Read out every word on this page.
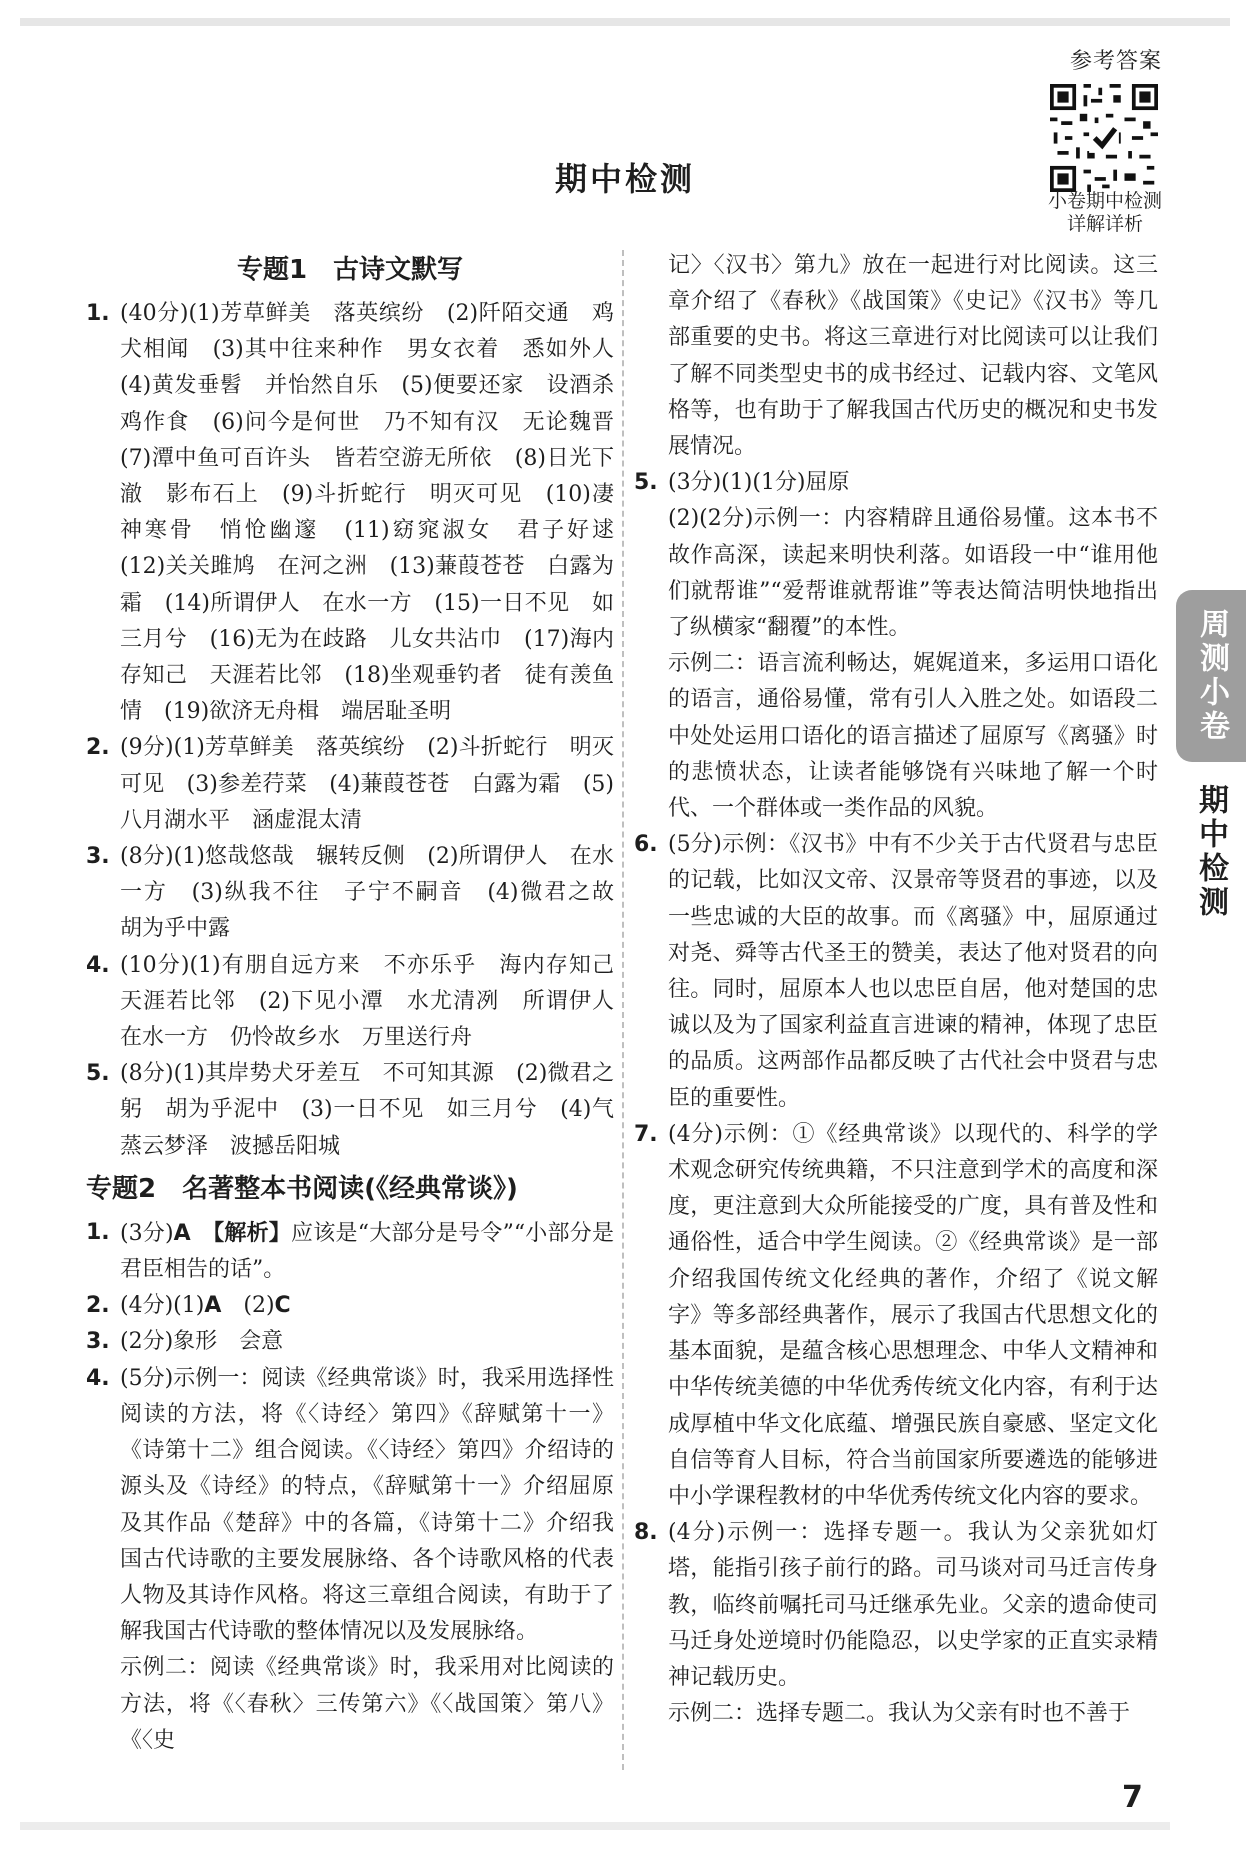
参考答案
小卷期中检测
详解详析
期中检测
专题1　古诗文默写
1. (40分)(1)芳草鲜美　落英缤纷　(2)阡陌交通　鸡犬相闻　(3)其中往来种作　男女衣着　悉如外人　(4)黄发垂髫　并怡然自乐　(5)便要还家　设酒杀鸡作食　(6)问今是何世　乃不知有汉　无论魏晋　(7)潭中鱼可百许头　皆若空游无所依　(8)日光下澈　影布石上　(9)斗折蛇行　明灭可见　(10)凄神寒骨　悄怆幽邃　(11)窈窕淑女　君子好逑　(12)关关雎鸠　在河之洲　(13)蒹葭苍苍　白露为霜　(14)所谓伊人　在水一方　(15)一日不见　如三月兮　(16)无为在歧路　儿女共沾巾　(17)海内存知己　天涯若比邻　(18)坐观垂钓者　徒有羡鱼情　(19)欲济无舟楫　端居耻圣明
2. (9分)(1)芳草鲜美　落英缤纷　(2)斗折蛇行　明灭可见　(3)参差荇菜　(4)蒹葭苍苍　白露为霜　(5)八月湖水平　涵虚混太清
3. (8分)(1)悠哉悠哉　辗转反侧　(2)所谓伊人　在水一方　(3)纵我不往　子宁不嗣音　(4)微君之故　胡为乎中露
4. (10分)(1)有朋自远方来　不亦乐乎　海内存知己　天涯若比邻　(2)下见小潭　水尤清冽　所谓伊人　在水一方　仍怜故乡水　万里送行舟
5. (8分)(1)其岸势犬牙差互　不可知其源　(2)微君之躬　胡为乎泥中　(3)一日不见　如三月兮　(4)气蒸云梦泽　波撼岳阳城
专题2　名著整本书阅读(《经典常谈》)
1. (3分)A　 【解析】应该是“大部分是号令”“小部分是君臣相告的话”。
2. (4分)(1)A　(2)C
3. (2分)象形　会意
4. (5分)示例一：阅读《经典常谈》时，我采用选择性阅读的方法，将《〈诗经〉第四》《辞赋第十一》《诗第十二》组合阅读。《〈诗经〉第四》介绍诗的源头及《诗经》的特点，《辞赋第十一》介绍屈原及其作品《楚辞》中的各篇，《诗第十二》介绍我国古代诗歌的主要发展脉络、各个诗歌风格的代表人物及其诗作风格。将这三章组合阅读，有助于了解我国古代诗歌的整体情况以及发展脉络。

示例二：阅读《经典常谈》时，我采用对比阅读的方法，将《〈春秋〉三传第六》《〈战国策〉第八》《〈史

记〉〈汉书〉第九》放在一起进行对比阅读。这三章介绍了《春秋》《战国策》《史记》《汉书》等几部重要的史书。将这三章进行对比阅读可以让我们了解不同类型史书的成书经过、记载内容、文笔风格等，也有助于了解我国古代历史的概况和史书发展情况。

5. (3分)(1)(1分)屈原

(2)(2分)示例一：内容精辟且通俗易懂。这本书不故作高深，读起来明快利落。如语段一中“谁用他们就帮谁”“爱帮谁就帮谁”等表达简洁明快地指出了纵横家“翻覆”的本性。

示例二：语言流利畅达，娓娓道来，多运用口语化的语言，通俗易懂，常有引人入胜之处。如语段二中处处运用口语化的语言描述了屈原写《离骚》时的悲愤状态，让读者能够饶有兴味地了解一个时代、一个群体或一类作品的风貌。

6. (5分)示例：《汉书》中有不少关于古代贤君与忠臣的记载，比如汉文帝、汉景帝等贤君的事迹，以及一些忠诚的大臣的故事。而《离骚》中，屈原通过对尧、舜等古代圣王的赞美，表达了他对贤君的向往。同时，屈原本人也以忠臣自居，他对楚国的忠诚以及为了国家利益直言进谏的精神，体现了忠臣的品质。这两部作品都反映了古代社会中贤君与忠臣的重要性。
7. (4分)示例：①《经典常谈》以现代的、科学的学术观念研究传统典籍，不只注意到学术的高度和深度，更注意到大众所能接受的广度，具有普及性和通俗性，适合中学生阅读。②《经典常谈》是一部介绍我国传统文化经典的著作，介绍了《说文解字》等多部经典著作，展示了我国古代思想文化的基本面貌，是蕴含核心思想理念、中华人文精神和中华传统美德的中华优秀传统文化内容，有利于达成厚植中华文化底蕴、增强民族自豪感、坚定文化自信等育人目标，符合当前国家所要遴选的能够进中小学课程教材的中华优秀传统文化内容的要求。
8. (4分)示例一：选择专题一。我认为父亲犹如灯塔，能指引孩子前行的路。司马谈对司马迁言传身教，临终前嘱托司马迁继承先业。父亲的遗命使司马迁身处逆境时仍能隐忍，以史学家的正直实录精神记载历史。

示例二：选择专题二。我认为父亲有时也不善于

周测小卷
期中检测
7
